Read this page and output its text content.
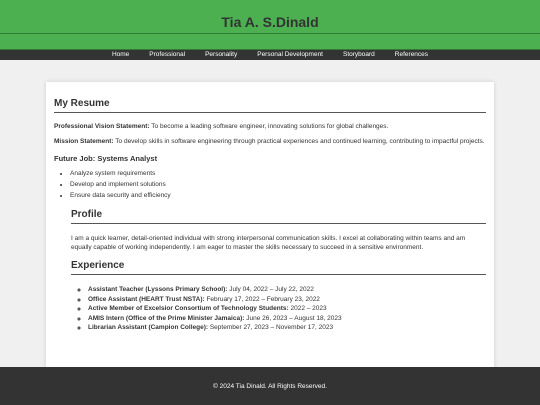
Tia A. S.Dinald
Home	Professional	Personality	Personal Development	Storyboard	References
My Resume

Professional Vision Statement: To become a leading software engineer, innovating solutions for global challenges.

Mission Statement: To develop skills in software engineering through practical experiences and continued learning, contributing to impactful projects.

Future Job: Systems Analyst
• Analyze system requirements
• Develop and implement solutions
• Ensure data security and efficiency
Profile

I am a quick learner, detail-oriented individual with strong interpersonal communication skills. I excel at collaborating within teams and am equally capable of working independently. I am eager to master the skills necessary to succeed in a sensitive environment.

Experience
◦ Assistant Teacher (Lyssons Primary School): July 04, 2022 – July 22, 2022
◦ Office Assistant (HEART Trust NSTA): February 17, 2022 – February 23, 2022
◦ Active Member of Excelsior Consortium of Technology Students: 2022 – 2023
◦ AMIS Intern (Office of the Prime Minister Jamaica): June 26, 2023 – August 18, 2023
◦ Librarian Assistant (Campion College): September 27, 2023 – November 17, 2023
© 2024 Tia Dinald. All Rights Reserved.
